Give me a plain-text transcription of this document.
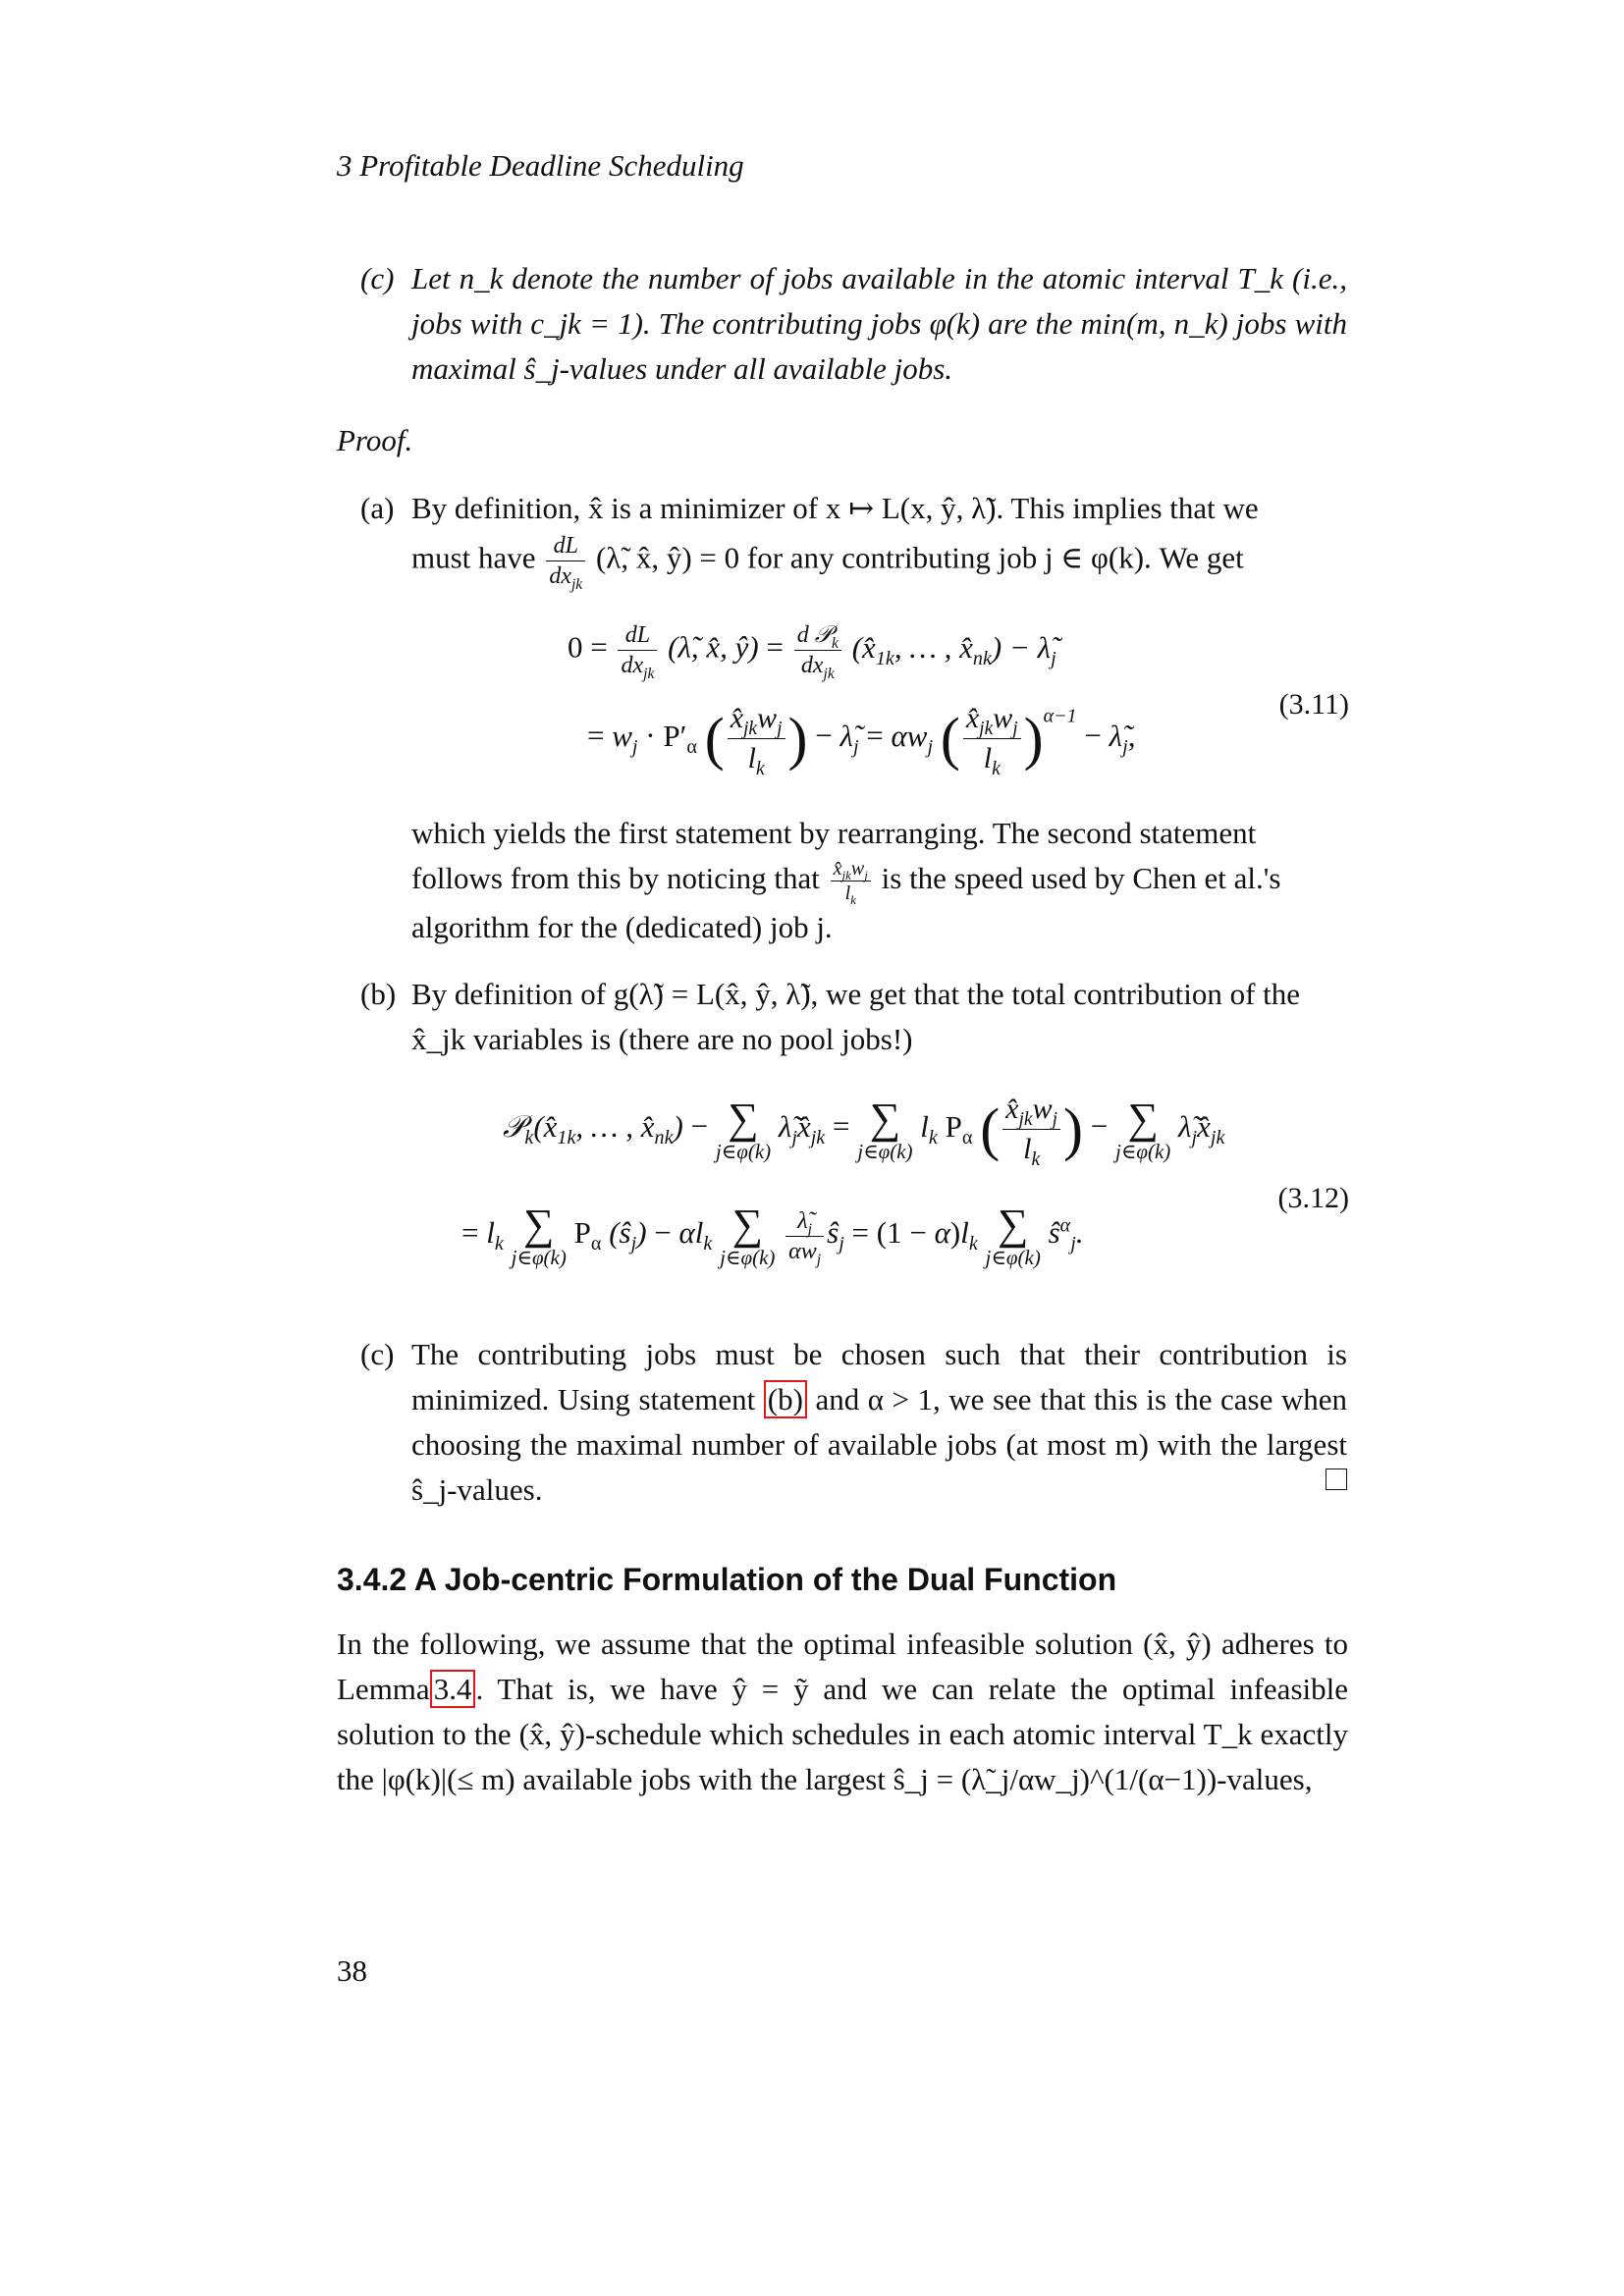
3 Profitable Deadline Scheduling
(c) Let n_k denote the number of jobs available in the atomic interval T_k (i.e., jobs with c_jk = 1). The contributing jobs φ(k) are the min(m, n_k) jobs with maximal ŝ_j-values under all available jobs.
Proof.
(a) By definition, x̂ is a minimizer of x ↦ L(x, ŷ, λ̃). This implies that we
must have $\frac{dL}{dx_{jk}}$ (λ̃, x̂, ŷ) = 0 for any contributing job j ∈ φ(k). We get
$0 = \frac{dL}{dx_{jk}}$ (λ̃, x̂, ŷ) = $\frac{d 𝒫_k}{dx_{jk}}$ ($x̂_{1k}$, … , $x̂_{nk}$) − $\lambdã_j$
= $w_j \cdot P'_\alpha$ ( $\frac{x̂_{jk}w_j}{l_k}$ ) − $\lambdã_j = \alpha w_j$ ( $\frac{x̂_{jk}w_j}{l_k} )^{\alpha-1}$ − $\lambdã_j$,
(3.11)
which yields the first statement by rearranging. The second statement
follows from this by noticing that $\frac{x̂_{jk}w_j}{l_k}$ is the speed used by Chen et al.'s
algorithm for the (dedicated) job j.
(b) By definition of g(λ̃) = L(x̂, ŷ, λ̃), we get that the total contribution of the
x̂_jk variables is (there are no pool jobs!)
$𝒫_k(x̂_{1k}$, … , $x̂_{nk}$) − ∑
j∈φ(k)
$\lambdã_jx̂_{jk}$ = ∑
j∈φ(k)
$l_k$ $P_\alpha$ ( $\frac{x̂_{jk}w_j}{l_k}$ ) − ∑
j∈φ(k)
$\lambdã_jx̂_{jk}$
= $l_k$ ∑
j∈φ(k)
$P_\alpha$ $(ŝ_j) - \alpha l_k$ ∑
j∈φ(k)
$\frac{\lambdã_j}{\alpha w_j}$ $ŝ_j = (1 - \alpha)l_k$ ∑
j∈φ(k)
$ŝ^\alpha_j$.
(3.12)
(c) The contributing jobs must be chosen such that their contribution is minimized. Using statement (b) and α > 1, we see that this is the case when choosing the maximal number of available jobs (at most m) with the largest ŝ_j-values.
3.4.2 A Job-centric Formulation of the Dual Function
In the following, we assume that the optimal infeasible solution (x̂, ŷ) adheres to Lemma 3.4 . That is, we have ŷ = ỹ and we can relate the optimal infeasible solution to the (x̂, ŷ)-schedule which schedules in each atomic interval T_k exactly the |φ(k)|(≤ m) available jobs with the largest ŝ_j = (λ̃_j/αw_j)^(1/(α−1))-values,
38
